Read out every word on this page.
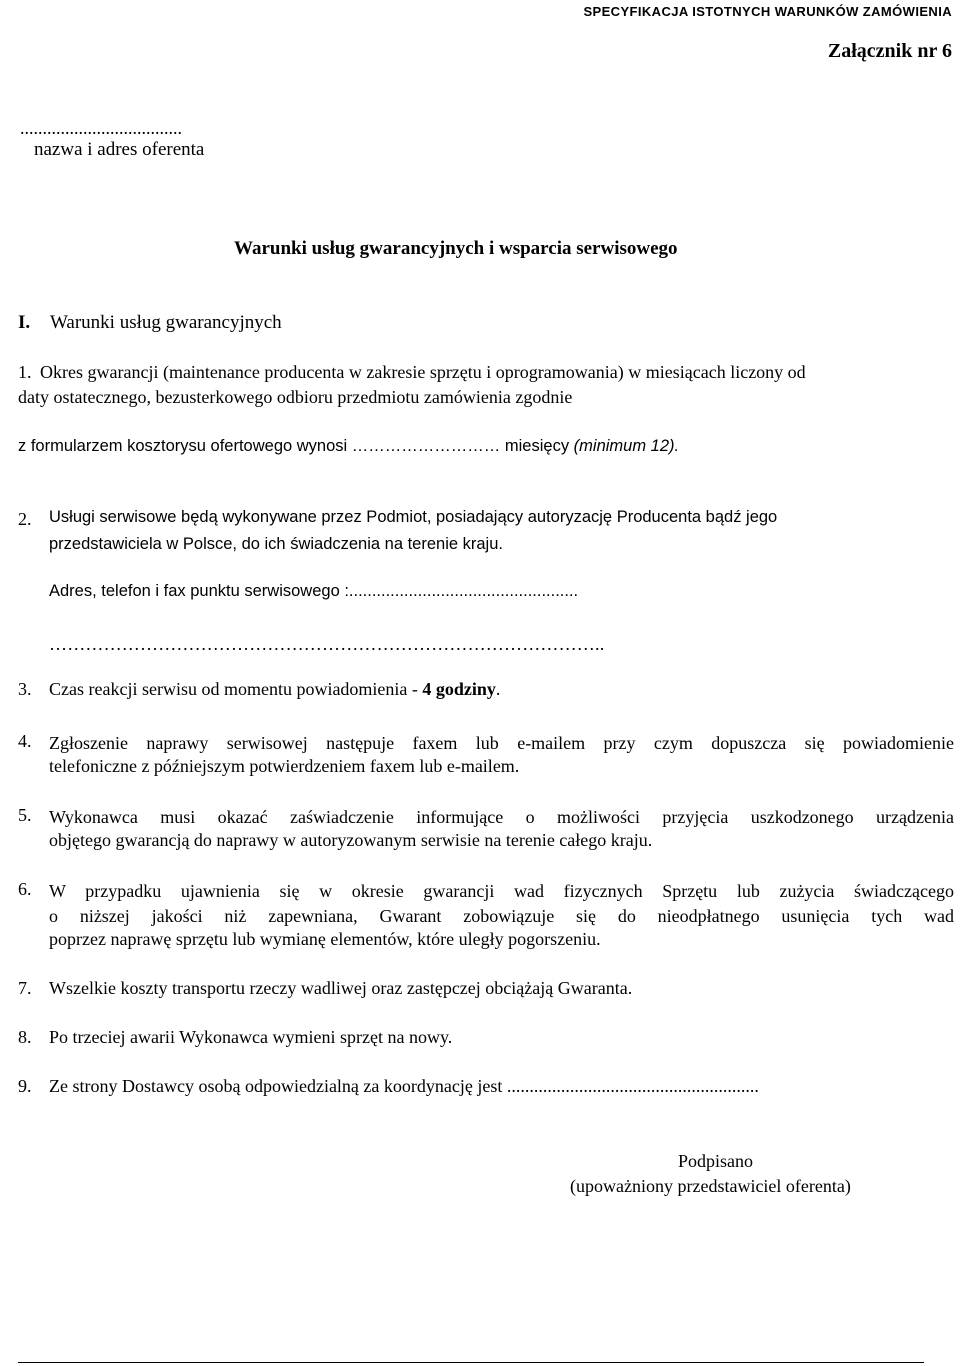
SPECYFIKACJA ISTOTNYCH WARUNKÓW ZAMÓWIENIA
Załącznik nr 6
....................................
nazwa i adres oferenta
Warunki usług gwarancyjnych i wsparcia serwisowego
I. Warunki usług gwarancyjnych
1. Okres gwarancji (maintenance producenta w zakresie sprzętu i oprogramowania) w miesiącach liczony od
daty ostatecznego, bezusterkowego odbioru przedmiotu zamówienia zgodnie
z formularzem kosztorysu ofertowego wynosi ……………………… miesięcy (minimum 12).
2. Usługi serwisowe będą wykonywane przez Podmiot, posiadający autoryzację Producenta bądź jego
przedstawiciela w Polsce, do ich świadczenia na terenie kraju.
Adres, telefon i fax punktu serwisowego :..................................................
………………………………………………………………………………..
3. Czas reakcji serwisu od momentu powiadomienia - 4 godziny.
4. Zgłoszenie naprawy serwisowej następuje faxem lub e-mailem przy czym dopuszcza się powiadomienie
telefoniczne z późniejszym potwierdzeniem faxem lub e-mailem.
5. Wykonawca musi okazać zaświadczenie informujące o możliwości przyjęcia uszkodzonego urządzenia
objętego gwarancją do naprawy w autoryzowanym serwisie na terenie całego kraju.
6. W przypadku ujawnienia się w okresie gwarancji wad fizycznych Sprzętu lub zużycia świadczącego
o niższej jakości niż zapewniana, Gwarant zobowiązuje się do nieodpłatnego usunięcia tych wad
poprzez naprawę sprzętu lub wymianę elementów, które uległy pogorszeniu.
7. Wszelkie koszty transportu rzeczy wadliwej oraz zastępczej obciążają Gwaranta.
8. Po trzeciej awarii Wykonawca wymieni sprzęt na nowy.
9. Ze strony Dostawcy osobą odpowiedzialną za koordynację jest ........................................................
Podpisano
(upoważniony przedstawiciel oferenta)
